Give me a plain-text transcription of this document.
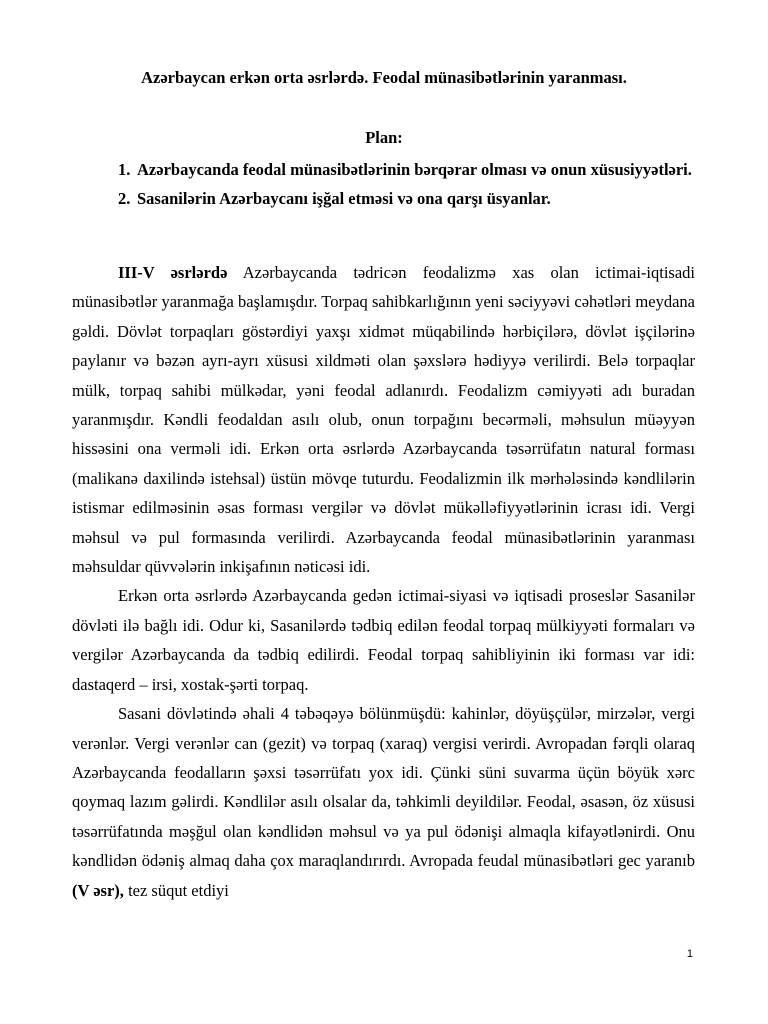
Azərbaycan erkən orta əsrlərdə. Feodal münasibətlərinin yaranması.
Plan:
1. Azərbaycanda feodal münasibətlərinin bərqərar olması və onun xüsusiyyətləri.
2. Sasanilərin Azərbaycanı işğal etməsi və ona qarşı üsyanlar.

III-V əsrlərdə Azərbaycanda tədricən feodalizmə xas olan ictimai-iqtisadi münasibətlər yaranmağa başlamışdır. Torpaq sahibkarlığının yeni səciyyəvi cəhətləri meydana gəldi. Dövlət torpaqları göstərdiyi yaxşı xidmət müqabilində hərbiçilərə, dövlət işçilərinə paylanır və bəzən ayrı-ayrı xüsusi xildməti olan şəxslərə hədiyyə verilirdi. Belə torpaqlar mülk, torpaq sahibi mülkədar, yəni feodal adlanırdı. Feodalizm cəmiyyəti adı buradan yaranmışdır. Kəndli feodaldan asılı olub, onun torpağını becərməli, məhsulun müəyyən hissəsini ona verməli idi. Erkən orta əsrlərdə Azərbaycanda təsərrüfatın natural forması (malikanə daxilində istehsal) üstün mövqe tuturdu. Feodalizmin ilk mərhələsində kəndlilərin istismar edilməsinin əsas forması vergilər və dövlət mükəlləfiyyətlərinin icrası idi. Vergi məhsul və pul formasında verilirdi. Azərbaycanda feodal münasibətlərinin yaranması məhsuldar qüvvələrin inkişafının nəticəsi idi.

Erkən orta əsrlərdə Azərbaycanda gedən ictimai-siyasi və iqtisadi proseslər Sasanilər dövləti ilə bağlı idi. Odur ki, Sasanilərdə tədbiq edilən feodal torpaq mülkiyyəti formaları və vergilər Azərbaycanda da tədbiq edilirdi. Feodal torpaq sahibliyinin iki forması var idi: dastaqerd – irsi, xostak-şərti torpaq.

Sasani dövlətində əhali 4 təbəqəyə bölünmüşdü: kahinlər, döyüşçülər, mirzələr, vergi verənlər. Vergi verənlər can (gezit) və torpaq (xaraq) vergisi verirdi. Avropadan fərqli olaraq Azərbaycanda feodalların şəxsi təsərrüfatı yox idi. Çünki süni suvarma üçün böyük xərc qoymaq lazım gəlirdi. Kəndlilər asılı olsalar da, təhkimli deyildilər. Feodal, əsasən, öz xüsusi təsərrüfatında məşğul olan kəndlidən məhsul və ya pul ödənişi almaqla kifayətlənirdi. Onu kəndlidən ödəniş almaq daha çox maraqlandırırdı. Avropada feudal münasibətləri gec yaranıb (V əsr), tez süqut etdiyi

1
